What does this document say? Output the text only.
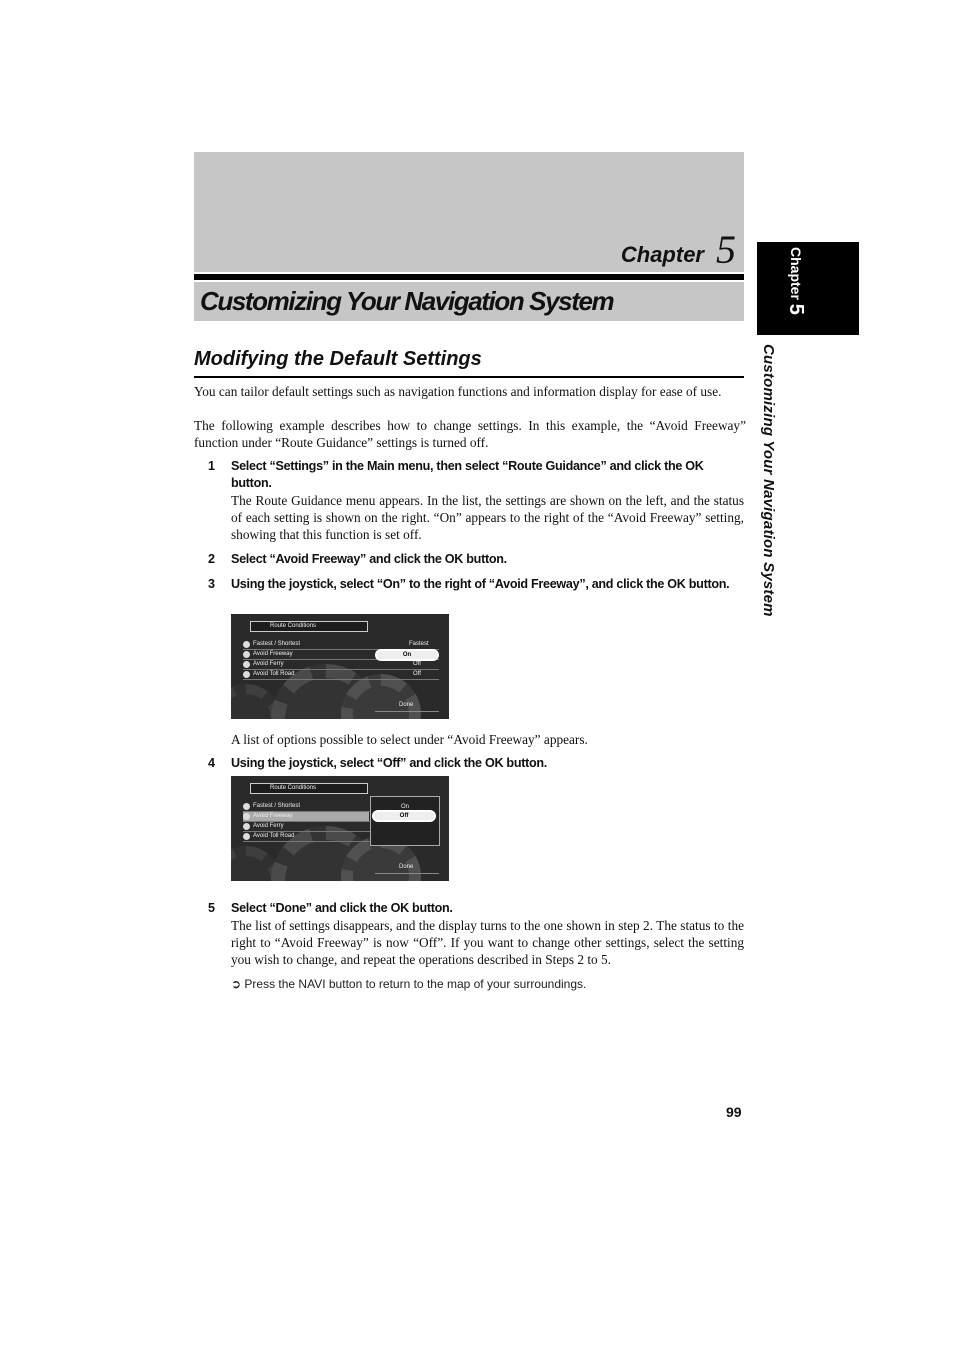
Chapter 5
Customizing Your Navigation System
Chapter 5
Customizing Your Navigation System
Modifying the Default Settings
You can tailor default settings such as navigation functions and information display for ease of use.
The following example describes how to change settings. In this example, the “Avoid Freeway” function under “Route Guidance” settings is turned off.
1 Select “Settings” in the Main menu, then select “Route Guidance” and click the OK button.
The Route Guidance menu appears. In the list, the settings are shown on the left, and the status of each setting is shown on the right. “On” appears to the right of the “Avoid Freeway” setting, showing that this function is set off.
2 Select “Avoid Freeway” and click the OK button.
3 Using the joystick, select “On” to the right of “Avoid Freeway”, and click the OK button.
Route Conditions
Fastest / Shortest	Fastest
Avoid Freeway	On
Avoid Ferry	Off
Avoid Toll Road	Off
Done
A list of options possible to select under “Avoid Freeway” appears.
4 Using the joystick, select “Off” and click the OK button.
Route Conditions
Fastest / Shortest
Avoid Freeway
Avoid Ferry
Avoid Toll Road
On
Off
Done
5 Select “Done” and click the OK button.
The list of settings disappears, and the display turns to the one shown in step 2. The status to the right to “Avoid Freeway” is now “Off”. If you want to change other settings, select the setting you wish to change, and repeat the operations described in Steps 2 to 5.
➲ Press the NAVI button to return to the map of your surroundings.
99
